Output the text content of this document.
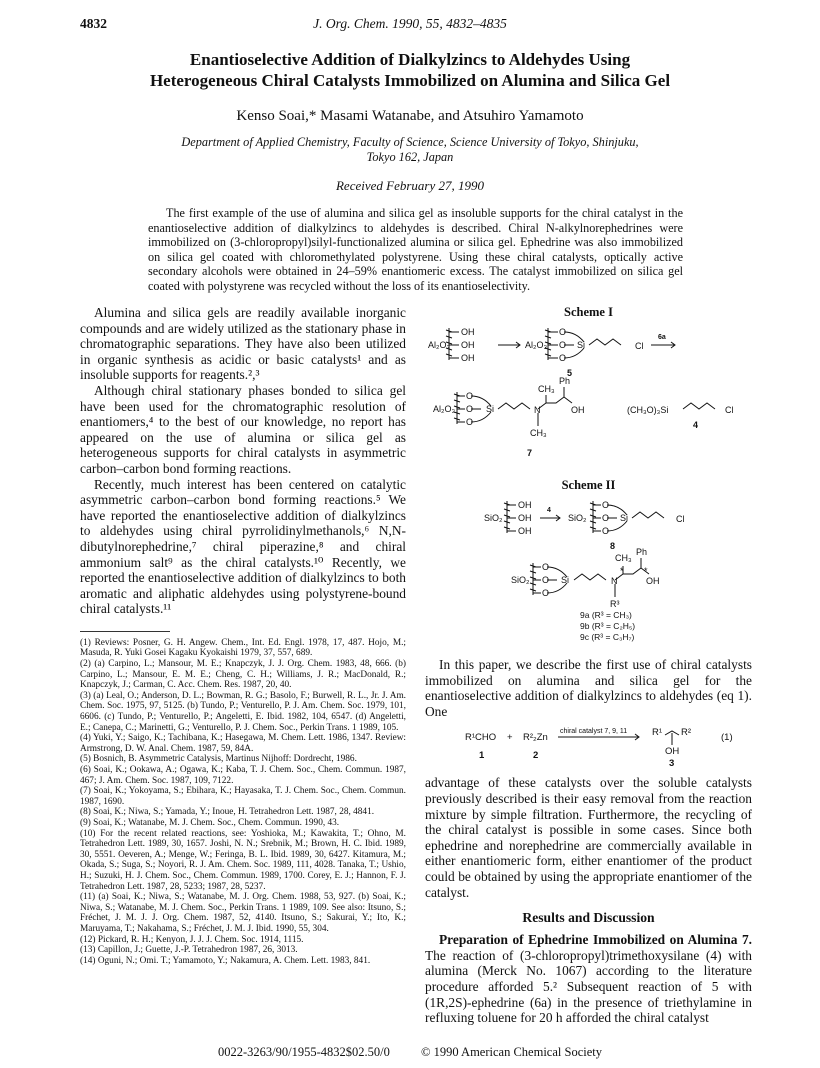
4832	J. Org. Chem. 1990, 55, 4832–4835
Enantioselective Addition of Dialkylzincs to Aldehydes Using
Heterogeneous Chiral Catalysts Immobilized on Alumina and Silica Gel
Kenso Soai,* Masami Watanabe, and Atsuhiro Yamamoto
Department of Applied Chemistry, Faculty of Science, Science University of Tokyo, Shinjuku,
Tokyo 162, Japan
Received February 27, 1990
The first example of the use of alumina and silica gel as insoluble supports for the chiral catalyst in the enantioselective addition of dialkylzincs to aldehydes is described. Chiral N-alkylnorephedrines were immobilized on (3-chloropropyl)silyl-functionalized alumina or silica gel. Ephedrine was also immobilized on silica gel coated with chloromethylated polystyrene. Using these chiral catalysts, optically active secondary alcohols were obtained in 24–59% enantiomeric excess. The catalyst immobilized on silica gel coated with polystyrene was recycled without the loss of its enantioselectivity.

Alumina and silica gels are readily available inorganic compounds and are widely utilized as the stationary phase in chromatographic separations. They have also been utilized in organic synthesis as acidic or basic catalysts¹ and as insoluble supports for reagents.²,³

Although chiral stationary phases bonded to silica gel have been used for the chromatographic resolution of enantiomers,⁴ to the best of our knowledge, no report has appeared on the use of alumina or silica gel as heterogeneous supports for chiral catalysts in asymmetric carbon–carbon bond forming reactions.

Recently, much interest has been centered on catalytic asymmetric carbon–carbon bond forming reactions.⁵ We have reported the enantioselective addition of dialkylzincs to aldehydes using chiral pyrrolidinylmethanols,⁶ N,N-dibutylnorephedrine,⁷ chiral piperazine,⁸ and chiral ammonium salt⁹ as the chiral catalysts.¹⁰ Recently, we reported the enantioselective addition of dialkylzincs to both aromatic and aliphatic aldehydes using polystyrene-bound chiral catalysts.¹¹

(1) Reviews: Posner, G. H. Angew. Chem., Int. Ed. Engl. 1978, 17, 487. Hojo, M.; Masuda, R. Yuki Gosei Kagaku Kyokaishi 1979, 37, 557, 689.

(2) (a) Carpino, L.; Mansour, M. E.; Knapczyk, J. J. Org. Chem. 1983, 48, 666. (b) Carpino, L.; Mansour, E. M. E.; Cheng, C. H.; Williams, J. R.; MacDonald, R.; Knapczyk, J.; Carman, C. Acc. Chem. Res. 1987, 20, 40.

(3) (a) Leal, O.; Anderson, D. L.; Bowman, R. G.; Basolo, F.; Burwell, R. L., Jr. J. Am. Chem. Soc. 1975, 97, 5125. (b) Tundo, P.; Venturello, P. J. Am. Chem. Soc. 1979, 101, 6606. (c) Tundo, P.; Venturello, P.; Angeletti, E. Ibid. 1982, 104, 6547. (d) Angeletti, E.; Canepa, C.; Marinetti, G.; Venturello, P. J. Chem. Soc., Perkin Trans. 1 1989, 105.

(4) Yuki, Y.; Saigo, K.; Tachibana, K.; Hasegawa, M. Chem. Lett. 1986, 1347. Review: Armstrong, D. W. Anal. Chem. 1987, 59, 84A.

(5) Bosnich, B. Asymmetric Catalysis, Martinus Nijhoff: Dordrecht, 1986.

(6) Soai, K.; Ookawa, A.; Ogawa, K.; Kaba, T. J. Chem. Soc., Chem. Commun. 1987, 467; J. Am. Chem. Soc. 1987, 109, 7122.

(7) Soai, K.; Yokoyama, S.; Ebihara, K.; Hayasaka, T. J. Chem. Soc., Chem. Commun. 1987, 1690.

(8) Soai, K.; Niwa, S.; Yamada, Y.; Inoue, H. Tetrahedron Lett. 1987, 28, 4841.

(9) Soai, K.; Watanabe, M. J. Chem. Soc., Chem. Commun. 1990, 43.

(10) For the recent related reactions, see: Yoshioka, M.; Kawakita, T.; Ohno, M. Tetrahedron Lett. 1989, 30, 1657. Joshi, N. N.; Srebnik, M.; Brown, H. C. Ibid. 1989, 30, 5551. Oeveren, A.; Menge, W.; Feringa, B. L. Ibid. 1989, 30, 6427. Kitamura, M.; Okada, S.; Suga, S.; Noyori, R. J. Am. Chem. Soc. 1989, 111, 4028. Tanaka, T.; Ushio, H.; Suzuki, H. J. Chem. Soc., Chem. Commun. 1989, 1700. Corey, E. J.; Hannon, F. J. Tetrahedron Lett. 1987, 28, 5233; 1987, 28, 5237.

(11) (a) Soai, K.; Niwa, S.; Watanabe, M. J. Org. Chem. 1988, 53, 927. (b) Soai, K.; Niwa, S.; Watanabe, M. J. Chem. Soc., Perkin Trans. 1 1989, 109. See also: Itsuno, S.; Fréchet, J. M. J. J. Org. Chem. 1987, 52, 4140. Itsuno, S.; Sakurai, Y.; Ito, K.; Maruyama, T.; Nakahama, S.; Fréchet, J. M. J. Ibid. 1990, 55, 304.

(12) Pickard, R. H.; Kenyon, J. J. J. Chem. Soc. 1914, 1115.

(13) Capillon, J.; Guette, J.-P. Tetrahedron 1987, 26, 3013.

(14) Oguni, N.; Omi. T.; Yamamoto, Y.; Nakamura, A. Chem. Lett. 1983, 841.

Scheme I
Al₂O₃
OH
OH
OH
Al₂O₃
O
O
O
Si	Cl
6a
5
Al₂O₃
O
O
O
Si	N
CH₃
Ph
OH
CH₃
(CH₃O)₃Si	Cl
4
7
Scheme II
SiO₂
OH
OH
OH
4
SiO₂
O
O
O
Si	Cl
8
CH₃
Ph
SiO₂
O
O
O
Si	N
* *
OH
R³
9a (R³ = CH₃)
9b (R³ = C₂H₅)
9c (R³ = C₃H₇)

In this paper, we describe the first use of chiral catalysts immobilized on alumina and silica gel for the enantioselective addition of dialkylzincs to aldehydes (eq 1). One

R¹CHO + R²₂Zn
chiral catalyst 7, 9, 11	R¹ R²
OH
(1)
1	2
3

advantage of these catalysts over the soluble catalysts previously described is their easy removal from the reaction mixture by simple filtration. Furthermore, the recycling of the chiral catalyst is possible in some cases. Since both ephedrine and norephedrine are commercially available in either enantiomeric form, either enantiomer of the product could be obtained by using the appropriate enantiomer of the catalyst.

Results and Discussion

Preparation of Ephedrine Immobilized on Alumina 7. The reaction of (3-chloropropyl)trimethoxysilane (4) with alumina (Merck No. 1067) according to the literature procedure afforded 5.² Subsequent reaction of 5 with (1R,2S)-ephedrine (6a) in the presence of triethylamine in refluxing toluene for 20 h afforded the chiral catalyst

0022-3263/90/1955-4832$02.50/0 © 1990 American Chemical Society
